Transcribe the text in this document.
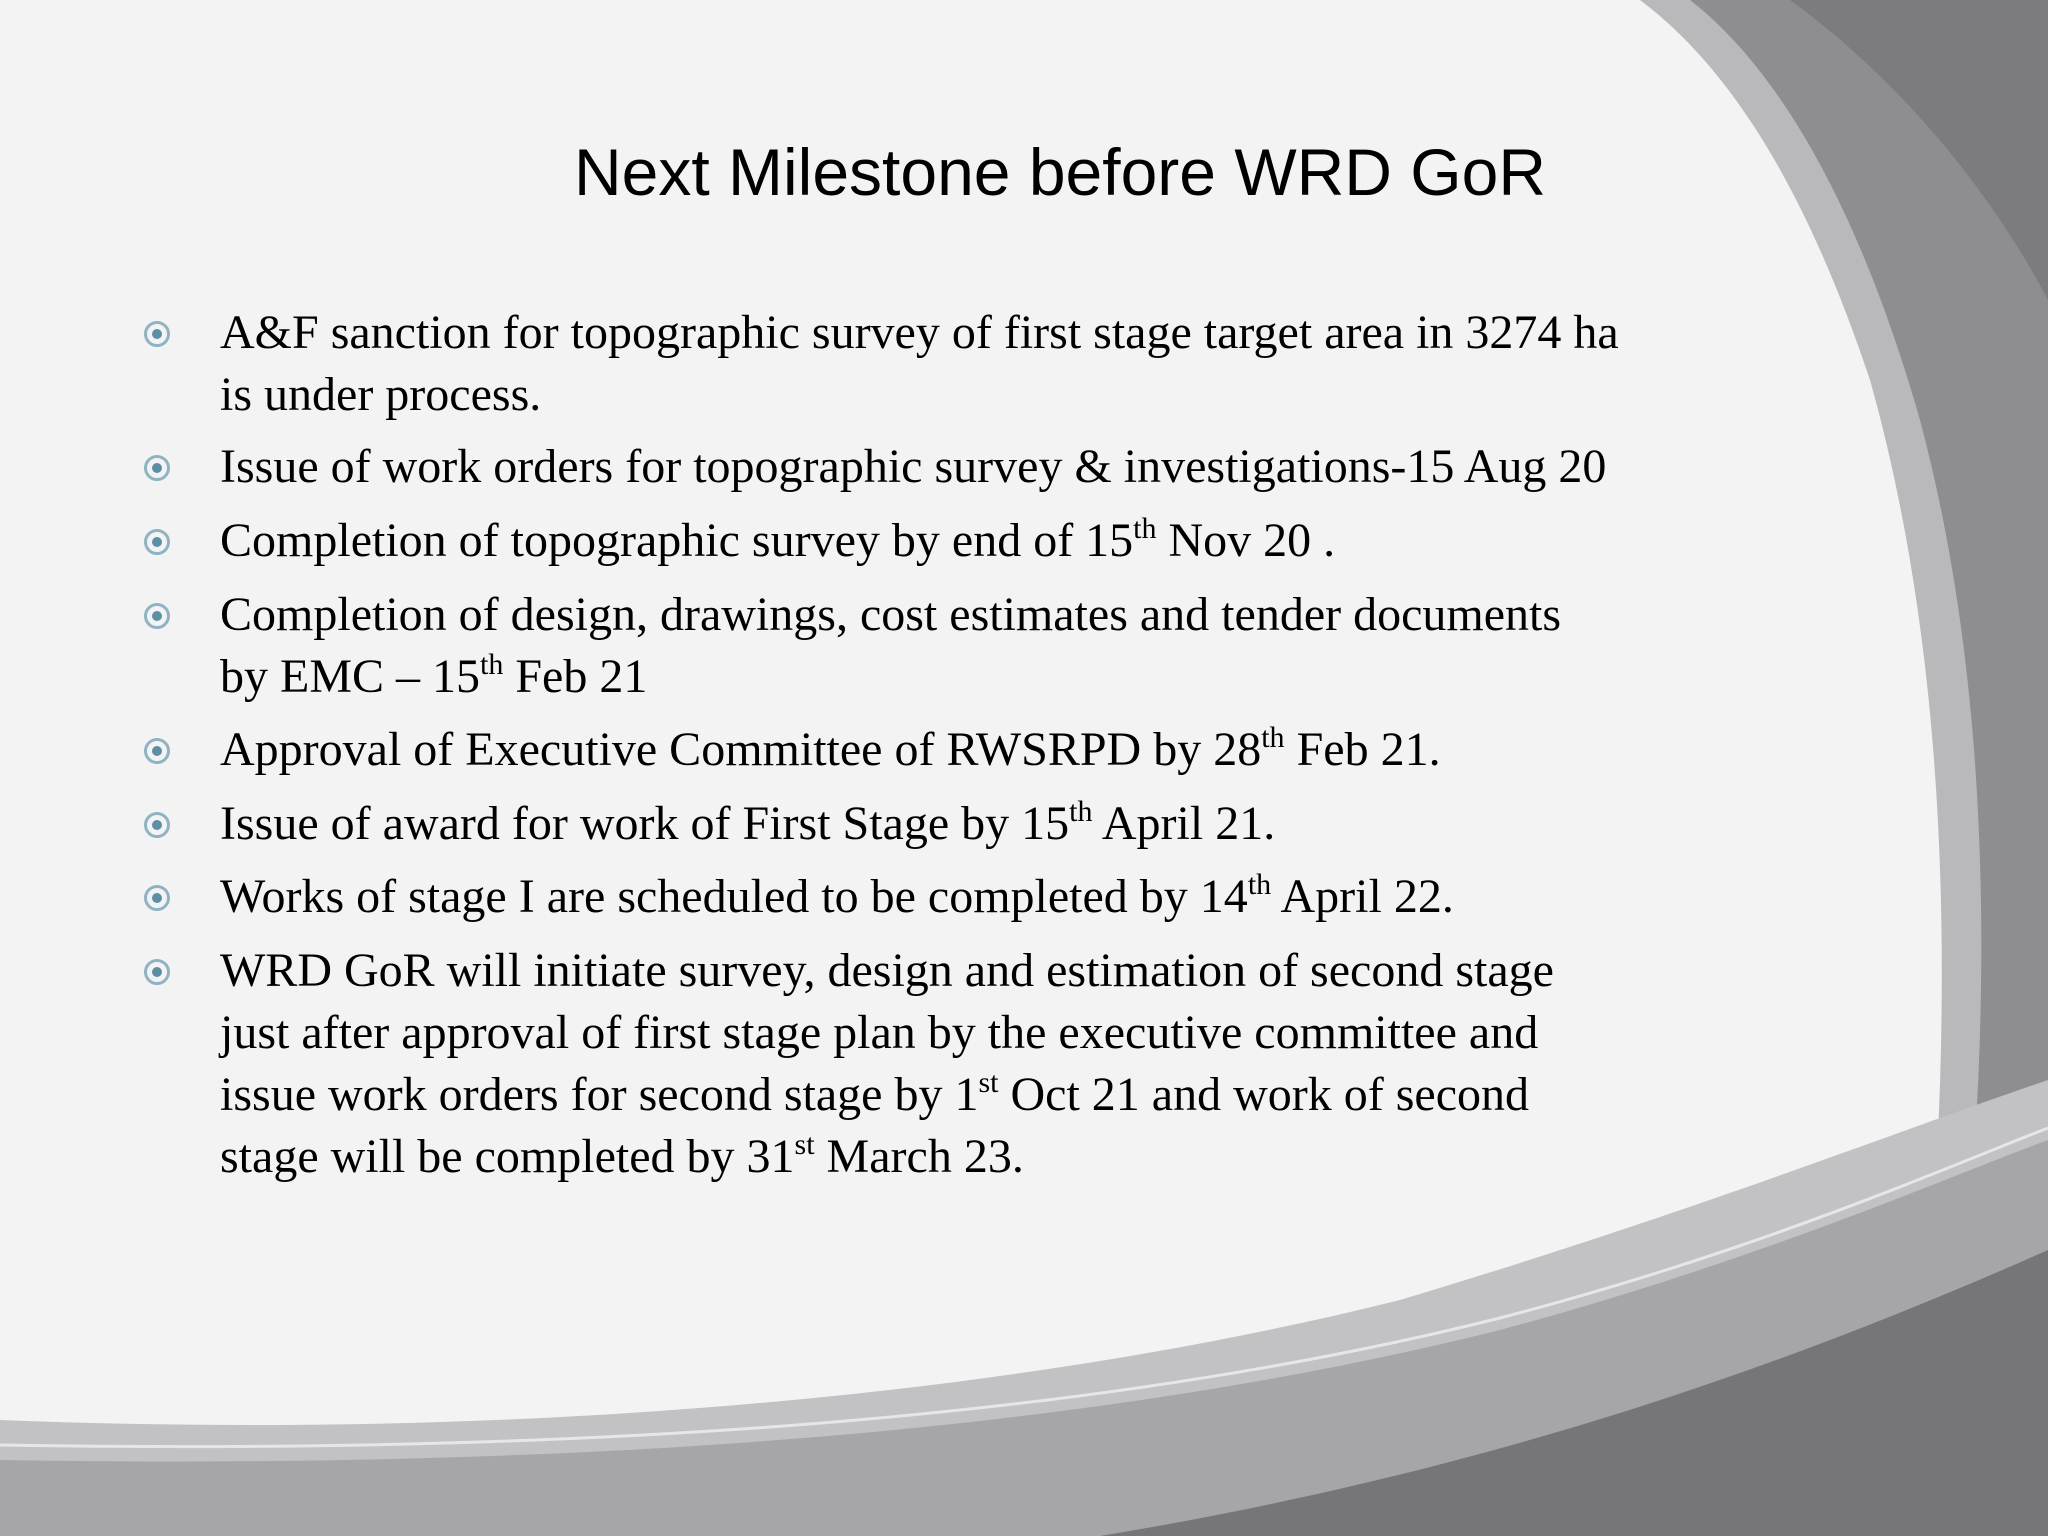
Next Milestone before WRD GoR
A&F sanction for topographic survey of first stage target area in 3274 ha
is under process.
Issue of work orders for topographic survey & investigations-15 Aug 20
Completion of topographic survey by end of 15th Nov 20 .
Completion of design, drawings, cost estimates and tender documents
by EMC – 15th Feb 21
Approval of Executive Committee of RWSRPD by 28th Feb 21.
Issue of award for work of First Stage by 15th April 21.
Works of stage I are scheduled to be completed by 14th April 22.
WRD GoR will initiate survey, design and estimation of second stage
just after approval of first stage plan by the executive committee and
issue work orders for second stage by 1st Oct 21 and work of second
stage will be completed by 31st March 23.
